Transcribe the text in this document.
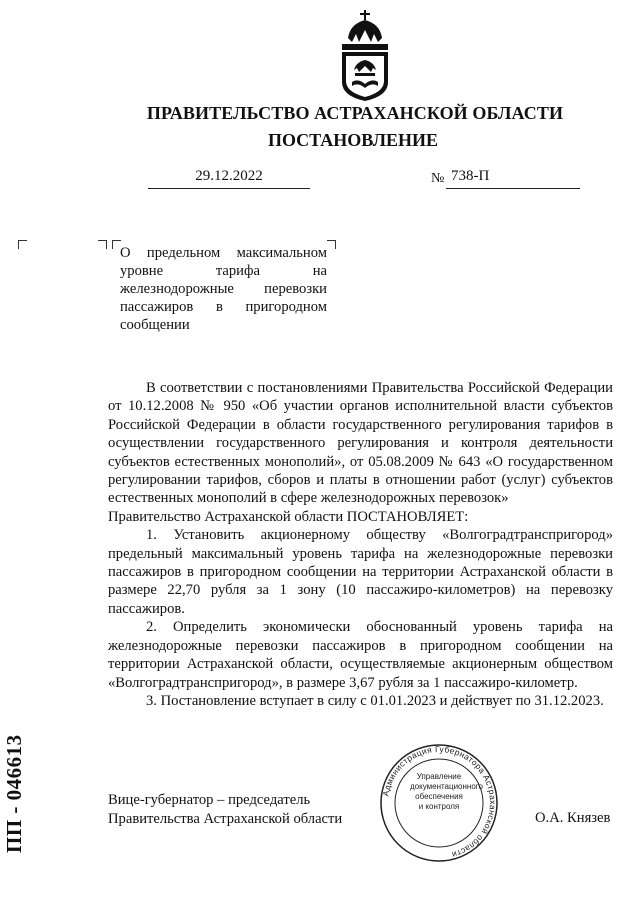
ПРАВИТЕЛЬСТВО АСТРАХАНСКОЙ ОБЛАСТИ
ПОСТАНОВЛЕНИЕ
29.12.2022	№ 738-П
О предельном максимальном уровне тарифа на железнодорожные перевозки пассажиров в пригородном сообщении

В соответствии с постановлениями Правительства Российской Федерации от 10.12.2008 № 950 «Об участии органов исполнительной власти субъектов Российской Федерации в области государственного регулирования тарифов в осуществлении государственного регулирования и контроля деятельности субъектов естественных монополий», от 05.08.2009 № 643 «О государственном регулировании тарифов, сборов и платы в отношении работ (услуг) субъектов естественных монополий в сфере железнодорожных перевозок»

Правительство Астраханской области ПОСТАНОВЛЯЕТ:

1. Установить акционерному обществу «Волгоградтранспригород» предельный максимальный уровень тарифа на железнодорожные перевозки пассажиров в пригородном сообщении на территории Астраханской области в размере 22,70 рубля за 1 зону (10 пассажиро-километров) на перевозку пассажиров.

2. Определить экономически обоснованный уровень тарифа на железнодорожные перевозки пассажиров в пригородном сообщении на территории Астраханской области, осуществляемые акционерным обществом «Волгоградтранспригород», в размере 3,67 рубля за 1 пассажиро-километр.

3. Постановление вступает в силу с 01.01.2023 и действует по 31.12.2023.

Вице-губернатор – председатель
Правительства Астраханской области
Администрация Губернатора Астраханской области
Управление
документационного
обеспечения
и контроля
О.А. Князев
ПП - 046613
